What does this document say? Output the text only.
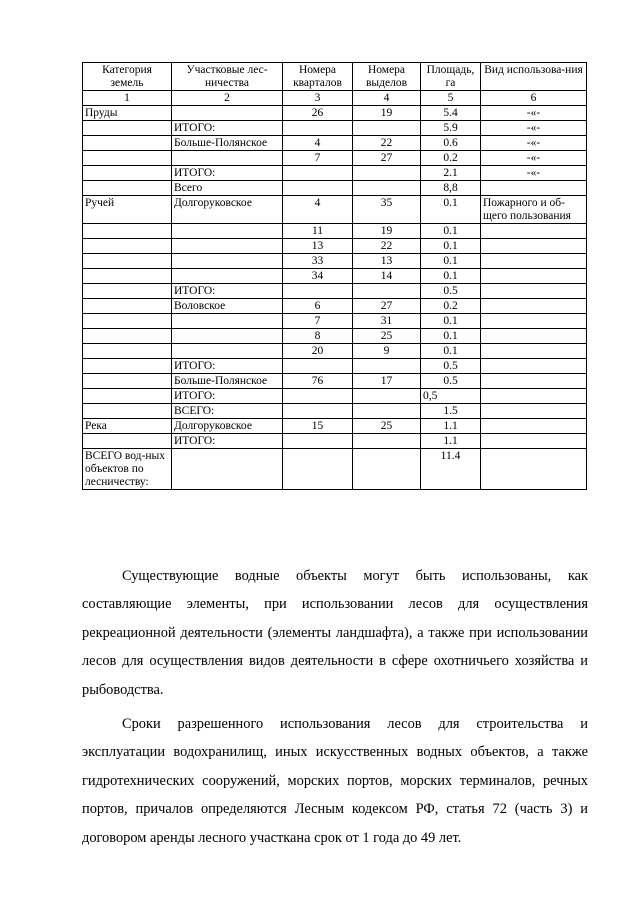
Категория земель	Участковые лес-ничества	Номера кварталов	Номера выделов	Площадь, га	Вид использова-ния
1	2	3	4	5	6
Пруды		26	19	5.4	-«-
	ИТОГО:			5.9	-«-
	Больше-Полянское	4	22	0.6	-«-
		7	27	0.2	-«-
	ИТОГО:			2.1	-«-
	Всего			8,8	
Ручей	Долгоруковское	4	35	0.1	Пожарного и об-щего пользования
		11	19	0.1	
		13	22	0.1	
		33	13	0.1	
		34	14	0.1	
	ИТОГО:			0.5	
	Воловское	6	27	0.2	
		7	31	0.1	
		8	25	0.1	
		20	9	0.1	
	ИТОГО:			0.5	
	Больше-Полянское	76	17	0.5	
	ИТОГО:			0,5	
	ВСЕГО:			1.5	
Река	Долгоруковское	15	25	1.1	
	ИТОГО:			1.1	
ВСЕГО вод-ных объектов по лесничеству:				11.4	

Существующие водные объекты могут быть использованы, как составляющие элементы, при использовании лесов для осуществления рекреационной деятельности (элементы ландшафта), а также при использовании лесов для осуществления видов деятельности в сфере охотничьего хозяйства и рыбоводства.

Сроки разрешенного использования лесов для строительства и эксплуатации водохранилищ, иных искусственных водных объектов, а также гидротехнических сооружений, морских портов, морских терминалов, речных портов, причалов определяются Лесным кодексом РФ, статья 72 (часть 3) и договором аренды лесного участкана срок от 1 года до 49 лет.
